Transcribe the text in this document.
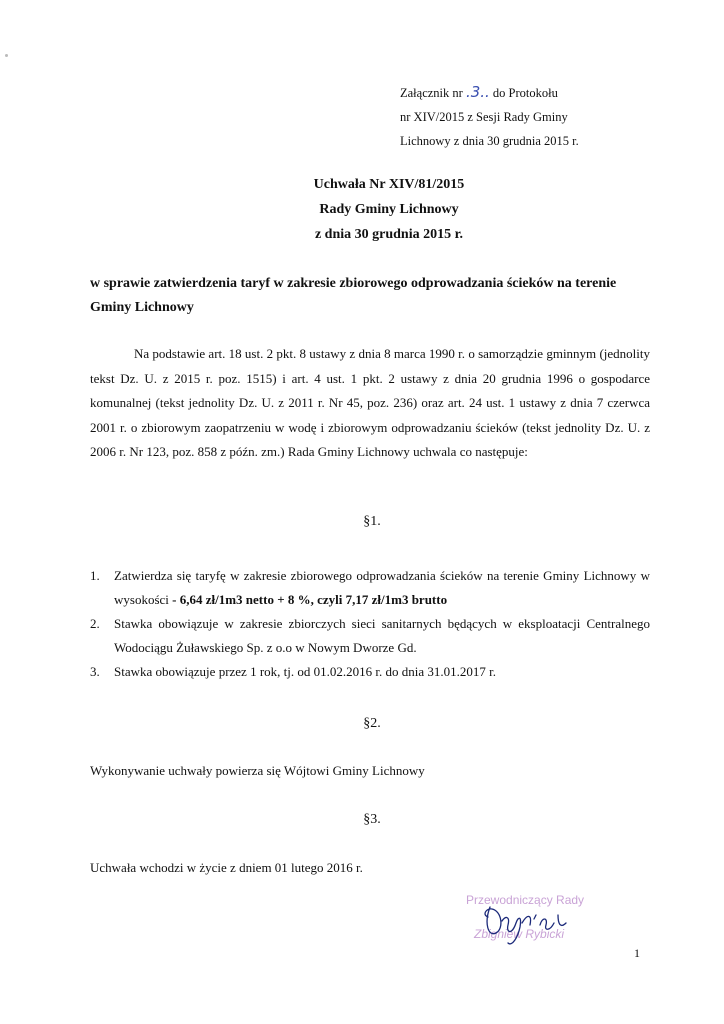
Załącznik nr .3.. do Protokołu
nr XIV/2015 z Sesji Rady Gminy
Lichnowy z dnia 30 grudnia 2015 r.
Uchwała Nr XIV/81/2015
Rady Gminy Lichnowy
z dnia 30 grudnia 2015 r.
w sprawie zatwierdzenia taryf w zakresie zbiorowego odprowadzania ścieków na terenie Gminy Lichnowy
Na podstawie art. 18 ust. 2 pkt. 8 ustawy z dnia 8 marca 1990 r. o samorządzie gminnym (jednolity tekst Dz. U. z 2015 r. poz. 1515) i art. 4 ust. 1 pkt. 2 ustawy z dnia 20 grudnia 1996 o gospodarce komunalnej (tekst jednolity Dz. U. z 2011 r. Nr 45, poz. 236) oraz art. 24 ust. 1 ustawy z dnia 7 czerwca 2001 r. o zbiorowym zaopatrzeniu w wodę i zbiorowym odprowadzaniu ścieków (tekst jednolity Dz. U. z 2006 r. Nr 123, poz. 858 z późn. zm.) Rada Gminy Lichnowy uchwala co następuje:
§1.
1. Zatwierdza się taryfę w zakresie zbiorowego odprowadzania ścieków na terenie Gminy Lichnowy w wysokości - 6,64 zł/1m3 netto + 8 %, czyli 7,17 zł/1m3 brutto
2. Stawka obowiązuje w zakresie zbiorczych sieci sanitarnych będących w eksploatacji Centralnego Wodociągu Żuławskiego Sp. z o.o w Nowym Dworze Gd.
3. Stawka obowiązuje przez 1 rok, tj. od 01.02.2016 r. do dnia 31.01.2017 r.
§2.
Wykonywanie uchwały powierza się Wójtowi Gminy Lichnowy
§3.
Uchwała wchodzi w życie z dniem 01 lutego 2016 r.
Przewodniczący Rady
Zbigniew Rybicki
1
